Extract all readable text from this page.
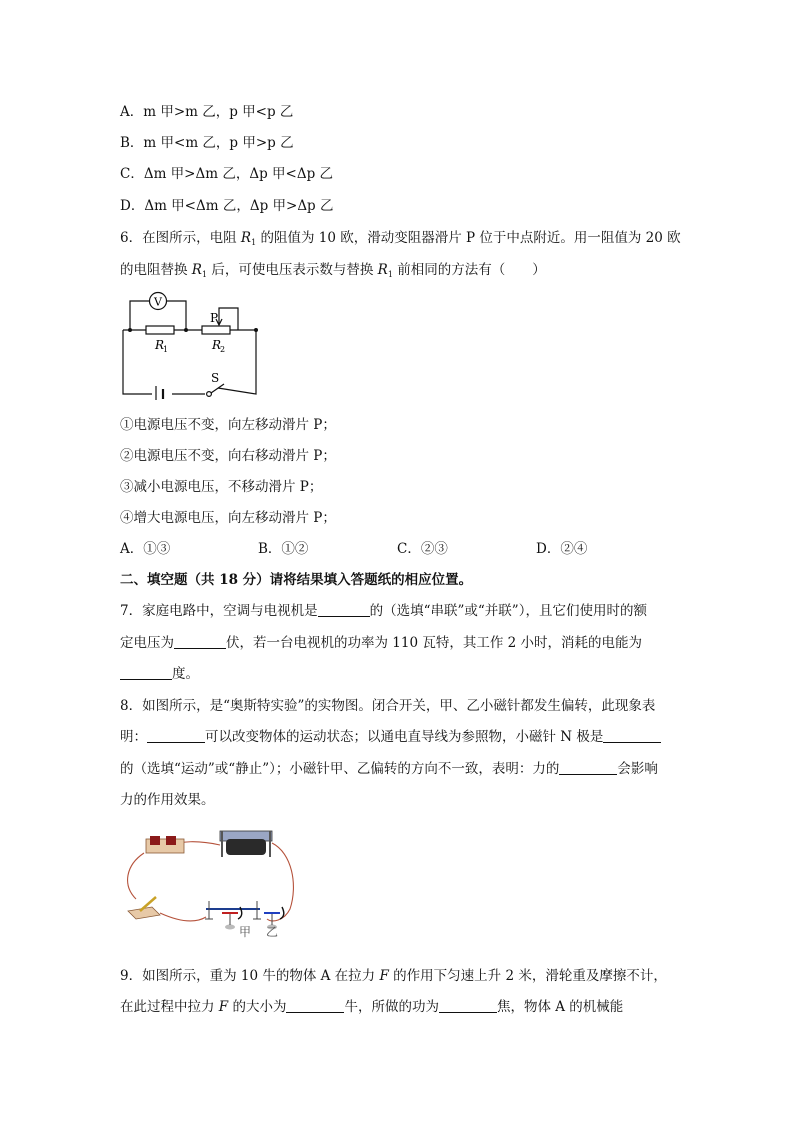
A．m 甲>m 乙，p 甲<p 乙
B．m 甲<m 乙，p 甲>p 乙
C．Δm 甲>Δm 乙，Δp 甲<Δp 乙
D．Δm 甲<Δm 乙，Δp 甲>Δp 乙
6．在图所示，电阻 $R_1$ 的阻值为 10 欧，滑动变阻器滑片 P 位于中点附近。用一阻值为 20 欧
的电阻替换 $R_1$ 后，可使电压表示数与替换 $R_1$ 前相同的方法有（　　）
V
P
R
1	R
2
S
①电源电压不变，向左移动滑片 P；
②电源电压不变，向右移动滑片 P；
③减小电源电压，不移动滑片 P；
④增大电源电压，向左移动滑片 P；
A．①③	B．①②	C．②③	D．②④
二、填空题（共 18 分）请将结果填入答题纸的相应位置。
7．家庭电路中，空调与电视机是	的（选填“串联”或“并联”），且它们使用时的额
定电压为	伏，若一台电视机的功率为 110 瓦特，其工作 2 小时，消耗的电能为
度。
8．如图所示，是“奥斯特实验”的实物图。闭合开关，甲、乙小磁针都发生偏转，此现象表
明：	可以改变物体的运动状态；以通电直导线为参照物，小磁针 N 极是
的（选填“运动”或“静止”）；小磁针甲、乙偏转的方向不一致，表明：力的	会影响
力的作用效果。
甲 乙
9．如图所示，重为 10 牛的物体 A 在拉力 F 的作用下匀速上升 2 米，滑轮重及摩擦不计，
在此过程中拉力 F 的大小为	牛，所做的功为	焦，物体 A 的机械能
